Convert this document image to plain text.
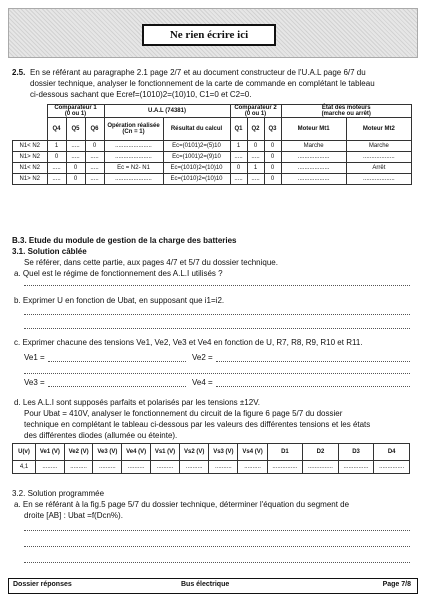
Ne rien écrire ici
2.5. En se référant au paragraphe 2.1 page 2/7 et au document constructeur de l'U.A.L page 6/7 du
dossier technique, analyser le fonctionnement de la carte de commande en complétant le tableau
ci-dessous sachant que Ecref=(1010)2=(10)10, C1=0 et C2=0.
	Comparateur 1
(0 ou 1)			U.A.L (74381)		Comparateur 2
(0 ou 1)			État des moteurs
(marche ou arrêt)	
	Q4	Q5	Q6	Opération réalisée (Cn = 1)	Résultat du calcul	Q1	Q2	Q3	Moteur Mt1	Moteur Mt2
N1< N2	1	.....	0	......................	Ec=(0101)2=(5)10	1	0	0	Marche	Marche
N1> N2	0	.....	.....	......................	Ec=(1001)2=(9)10	.....	.....	0	...................	...................
N1< N2	.....	0	.....	Ec = N2- N1	Ec=(1010)2=(10)10	0	1	0	...................	Arrêt
N1> N2	.....	0	.....	......................	Ec=(1010)2=(10)10	.....	.....	0	...................	...................
B.3. Etude du module de gestion de la charge des batteries
3.1. Solution câblée
Se référer, dans cette partie, aux pages 4/7 et 5/7 du dossier technique.
a. Quel est le régime de fonctionnement des A.L.I utilisés ?
b. Exprimer U en fonction de Ubat, en supposant que i1=i2.
c. Exprimer chacune des tensions Ve1, Ve2, Ve3 et Ve4 en fonction de U, R7, R8, R9, R10 et R11.
Ve1 =	Ve2 =
Ve3 =	Ve4 =
d. Les A.L.I sont supposés parfaits et polarisés par les tensions ±12V.
Pour Ubat = 410V, analyser le fonctionnement du circuit de la figure 6 page 5/7 du dossier
technique en complétant le tableau ci-dessous par les valeurs des différentes tensions et les états
des différentes diodes (allumée ou éteinte).
U(v)	Ve1 (V)	Ve2 (V)	Ve3 (V)	Ve4 (V)	Vs1 (V)	Vs2 (V)	Vs3 (V)	Vs4 (V)	D1	D2	D3	D4
4,1	.........	..........	..........	..........	..........	..........	..........	..........	...............	...............	...............	...............
3.2. Solution programmée
a. En se référant à la fig.5 page 5/7 du dossier technique, déterminer l'équation du segment de
droite [AB] : Ubat =f(Dcn%).
Dossier réponses	Bus électrique	Page 7/8
